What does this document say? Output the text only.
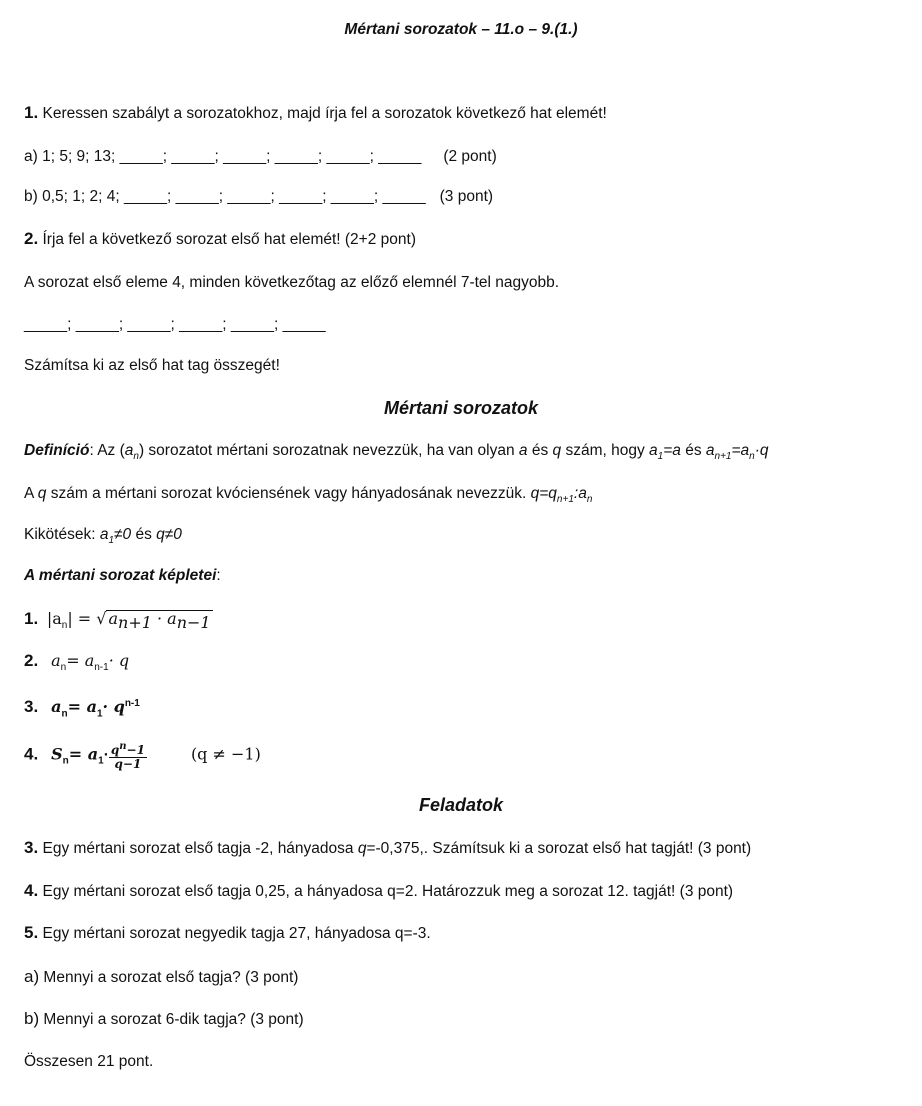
Mértani sorozatok – 11.o – 9.(1.)
1. Keressen szabályt a sorozatokhoz, majd írja fel a sorozatok következő hat elemét!
a) 1; 5; 9; 13; _____; _____; _____; _____; _____; _____ (2 pont)
b) 0,5; 1; 2; 4; _____; _____; _____; _____; _____; _____ (3 pont)
2. Írja fel a következő sorozat első hat elemét! (2+2 pont)
A sorozat első eleme 4, minden következőtag az előző elemnél 7-tel nagyobb.
_____; _____; _____; _____; _____; _____
Számítsa ki az első hat tag összegét!
Mértani sorozatok
Definíció: Az $(a_n)$ sorozatot mértani sorozatnak nevezzük, ha van olyan a és q szám, hogy $a_1=a$ és $a_{n+1}=a_n\cdot q$
A q szám a mértani sorozat kvóciensének vagy hányadosának nevezzük. $q=q_{n+1}:a_n$
Kikötések: $a_1\ne 0$ és q≠0
A mértani sorozat képletei:
1. $|a_n|$ = √ $a_{n+1} \cdot a_{n-1}$
2. $a_n= a_{n-1}\cdot q$
3. $a_n= a_1\cdot q^{n-1}$
4. $S_n= a_1\cdot \frac{q^n-1}{q-1}$	(q ≠ −1)
Feladatok
3. Egy mértani sorozat első tagja -2, hányadosa q=-0,375,. Számítsuk ki a sorozat első hat tagját! (3 pont)
4. Egy mértani sorozat első tagja 0,25, a hányadosa q=2. Határozzuk meg a sorozat 12. tagját! (3 pont)
5. Egy mértani sorozat negyedik tagja 27, hányadosa q=-3.
a) Mennyi a sorozat első tagja? (3 pont)
b) Mennyi a sorozat 6-dik tagja? (3 pont)
Összesen 21 pont.
